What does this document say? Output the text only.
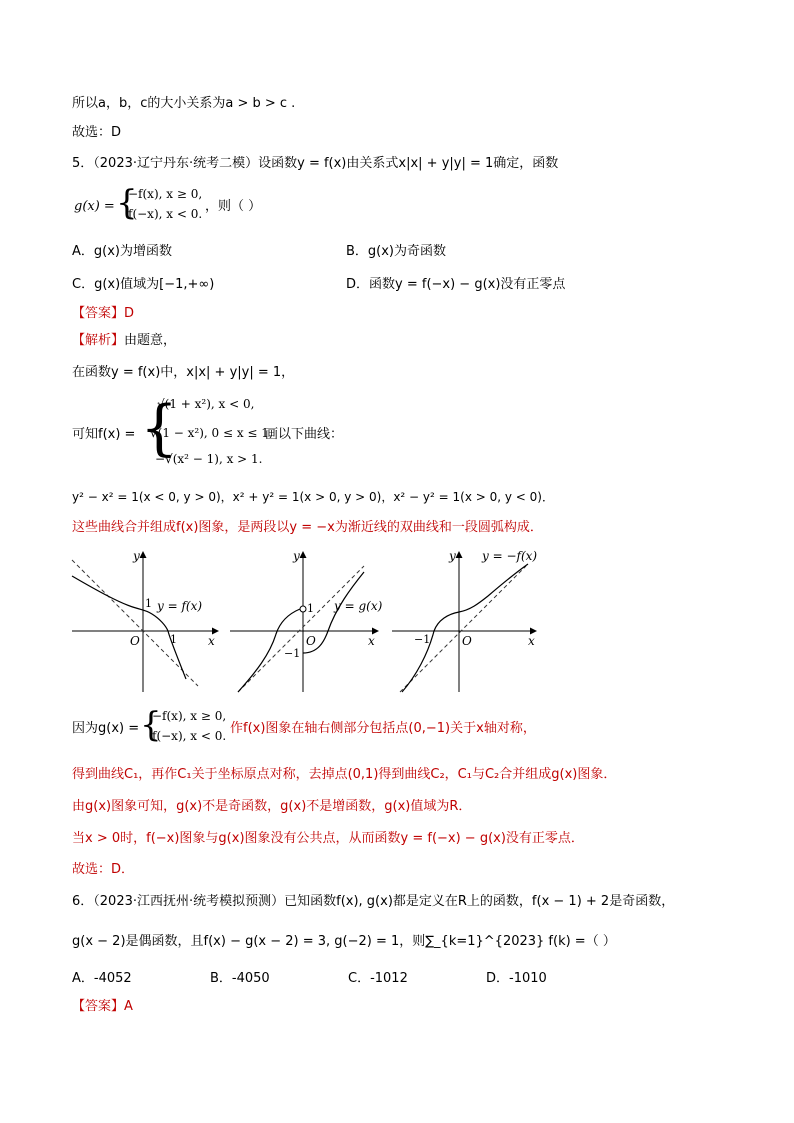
所以a，b，c的大小关系为a > b > c .
故选：D
5．（2023·辽宁丹东·统考二模）设函数y = f(x)由关系式x|x| + y|y| = 1确定，函数
g(x) = {
−f(x), x ≥ 0,
f(−x), x < 0. ，则（ ）
A．g(x)为增函数	B．g(x)为奇函数
C．g(x)值域为[−1,+∞)	D．函数y = f(−x) − g(x)没有正零点
【答案】D
【解析】由题意，
在函数y = f(x)中，x|x| + y|y| = 1，
可知f(x) = {
√(1 + x²), x < 0,
√(1 − x²), 0 ≤ x ≤ 1,
−√(x² − 1), x > 1.
画以下曲线：
y² − x² = 1(x < 0, y > 0)，x² + y² = 1(x > 0, y > 0)，x² − y² = 1(x > 0, y < 0)．
这些曲线合并组成f(x)图象，是两段以y = −x为渐近线的双曲线和一段圆弧构成．
y
x
O
1
1
y = f(x)
y
x
O
1
−1
y = g(x)
y
x
O
−1
y = −f(x)
因为g(x) = {
−f(x), x ≥ 0,
f(−x), x < 0. 作f(x)图象在轴右侧部分包括点(0,−1)关于x轴对称，
得到曲线C₁，再作C₁关于坐标原点对称，去掉点(0,1)得到曲线C₂，C₁与C₂合并组成g(x)图象．
由g(x)图象可知，g(x)不是奇函数，g(x)不是增函数，g(x)值域为R．
当x > 0时，f(−x)图象与g(x)图象没有公共点，从而函数y = f(−x) − g(x)没有正零点．
故选：D．
6．（2023·江西抚州·统考模拟预测）已知函数f(x), g(x)都是定义在R上的函数，f(x − 1) + 2是奇函数，
g(x − 2)是偶函数，且f(x) − g(x − 2) = 3, g(−2) = 1，则∑_{k=1}^{2023} f(k) =（ ）
A．-4052	B．-4050	C．-1012	D．-1010
【答案】A
